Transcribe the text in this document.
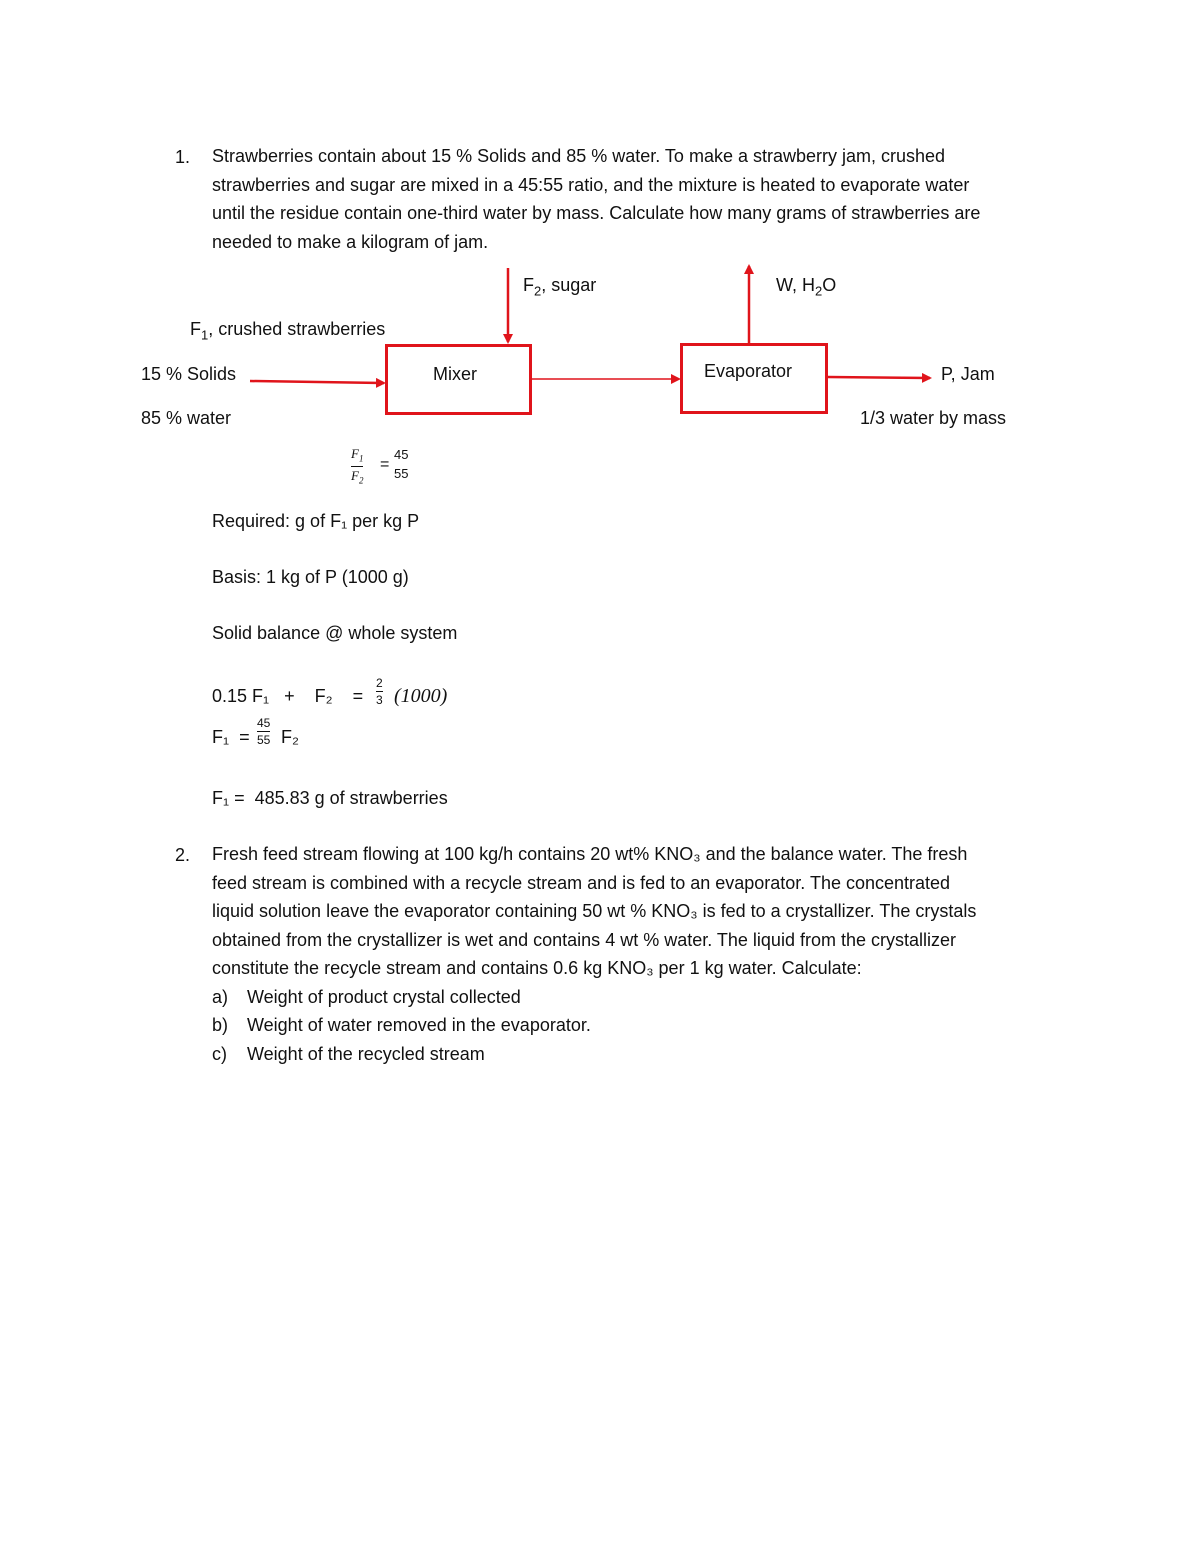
1. Strawberries contain about 15 % Solids and 85 % water. To make a strawberry jam, crushed
strawberries and sugar are mixed in a 45:55 ratio, and the mixture is heated to evaporate water
until the residue contain one-third water by mass. Calculate how many grams of strawberries are
needed to make a kilogram of jam.
Mixer	Evaporator
$F_2$, sugar	W, $H_2O$
$F_1$, crushed strawberries
15 % Solids
85 % water
P, Jam
1/3 water by mass
$F_1$
$F_2$
=
45
55
Required: g of F₁ per kg P
Basis: 1 kg of P (1000 g)
Solid balance @ whole system
0.15 F₁   +    F₂    =
2
3 (1000)
F₁  =
45
55 F₂
F₁ =  485.83 g of strawberries
2. Fresh feed stream flowing at 100 kg/h contains 20 wt% KNO₃ and the balance water. The fresh
feed stream is combined with a recycle stream and is fed to an evaporator. The concentrated
liquid solution leave the evaporator containing 50 wt % KNO₃ is fed to a crystallizer. The crystals
obtained from the crystallizer is wet and contains 4 wt % water. The liquid from the crystallizer
constitute the recycle stream and contains 0.6 kg KNO₃ per 1 kg water. Calculate:
a) Weight of product crystal collected
b) Weight of water removed in the evaporator.
c) Weight of the recycled stream
